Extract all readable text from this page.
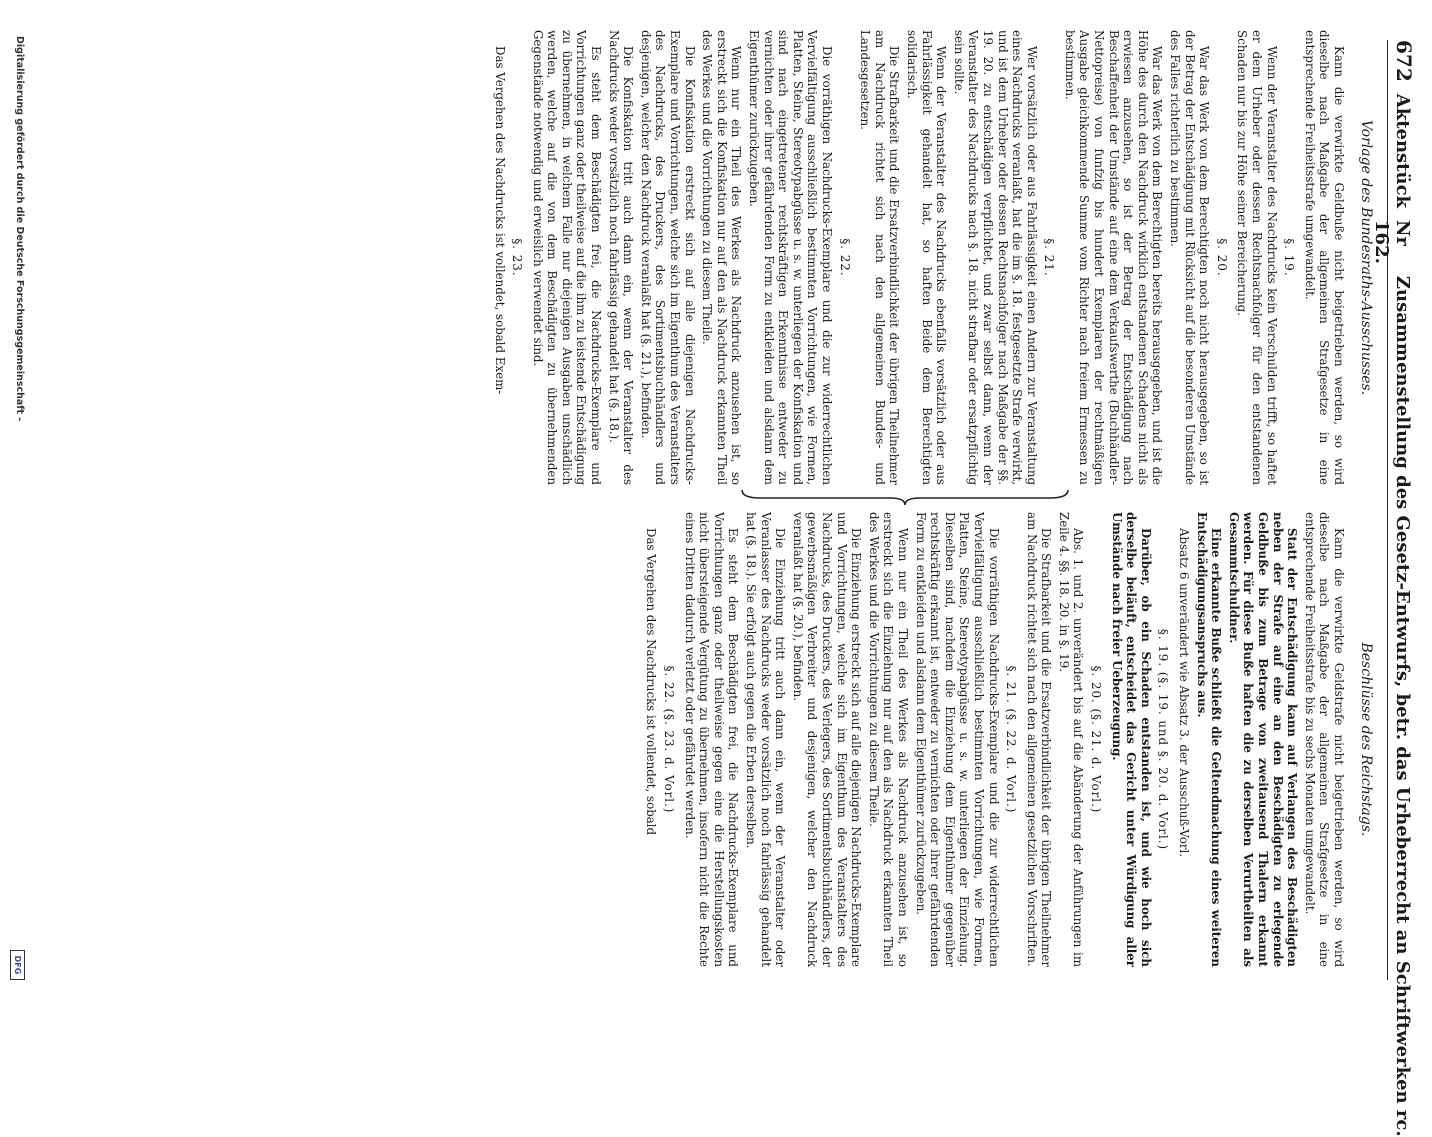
672
Aktenstück
Nr 162.
Zusammenstellung des Gesetz-Entwurfs, betr. das Urheberrecht an Schriftwerken rc.
Vorlage des Bundesraths-Ausschusses.
Beschlüsse des Reichstags.

Kann die verwirkte Geldbuße nicht beigetrieben werden, so wird dieselbe nach Maßgabe der allgemeinen Strafgesetze in eine entsprechende Freiheitsstrafe umgewandelt.

§. 19.

Wenn der Veranstalter des Nachdrucks kein Verschulden trifft, so haftet er dem Urheber oder dessen Rechtsnachfolger für den entstandenen Schaden nur bis zur Höhe seiner Bereicherung.

§. 20.

War das Werk von dem Berechtigten noch nicht herausgegeben, so ist der Betrag der Entschädigung mit Rücksicht auf die besonderen Umstände des Falles richterlich zu bestimmen.

War das Werk von dem Berechtigten bereits herausgegeben, und ist die Höhe des durch den Nachdruck wirklich entstandenen Schadens nicht als erwiesen anzusehen, so ist der Betrag der Entschädigung nach Beschaffenheit der Umstände auf eine dem Verkaufswerthe (Buchhändler-Nettopreise) von funfzig bis hundert Exemplaren der rechtmäßigen Ausgabe gleichkommende Summe vom Richter nach freiem Ermessen zu bestimmen.

§. 21.

Wer vorsätzlich oder aus Fahrlässigkeit einen Andern zur Veranstaltung eines Nachdrucks veranlaßt, hat die im §. 18. festgesetzte Strafe verwirkt, und ist dem Urheber oder dessen Rechtsnachfolger nach Maßgabe der §§. 19. 20. zu entschädigen verpflichtet, und zwar selbst dann, wenn der Veranstalter des Nachdrucks nach §. 18. nicht strafbar oder ersatzpflichtig sein sollte.

Wenn der Veranstalter des Nachdrucks ebenfalls vorsätzlich oder aus Fahrlässigkeit gehandelt hat, so haften Beide dem Berechtigten solidarisch.

Die Strafbarkeit und die Ersatzverbindlichkeit der übrigen Theilnehmer am Nachdruck richtet sich nach den allgemeinen Bundes- und Landesgesetzen.

§. 22.

Die vorräthigen Nachdrucks-Exemplare und die zur widerrechtlichen Vervielfältigung ausschließlich bestimmten Vorrichtungen, wie Formen, Platten, Steine, Stereotypabgüsse u. s. w. unterliegen der Konfiskation und sind nach eingetretener rechtskräftigen Erkenntnisse entweder zu vernichten oder ihrer gefährdenden Form zu entkleiden und alsdann dem Eigenthümer zurückzugeben.

Wenn nur ein Theil des Werkes als Nachdruck anzusehen ist, so erstreckt sich die Konfiskation nur auf den als Nachdruck erkannten Theil des Werkes und die Vorrichtungen zu diesem Theile.

Die Konfiskation erstreckt sich auf alle diejenigen Nachdrucks-Exemplare und Vorrichtungen, welche sich im Eigenthum des Veranstalters des Nachdrucks, des Druckers, des Sortimentsbuchhändlers und desjenigen, welcher den Nachdruck veranlaßt hat (§. 21.), befinden.

Die Konfiskation tritt auch dann ein, wenn der Veranstalter des Nachdrucks weder vorsätzlich noch fahrlässig gehandelt hat (§. 18.).

Es steht dem Beschädigten frei, die Nachdrucks-Exemplare und Vorrichtungen ganz oder theilweise auf die ihm zu leistende Entschädigung zu übernehmen, in welchem Falle nur diejenigen Ausgaben unschädlich werden, welche auf die von dem Beschädigten zu übernehmenden Gegenstände notwendig und erweislich verwendet sind.

§. 23.

Das Vergehen des Nachdrucks ist vollendet, sobald Exem-

Kann die verwirkte Geldstrafe nicht beigetrieben werden, so wird dieselbe nach Maßgabe der allgemeinen Strafgesetze in eine entsprechende Freiheitsstrafe bis zu sechs Monaten umgewandelt.

Statt der Entschädigung kann auf Verlangen des Beschädigten neben der Strafe auf eine an den Beschädigten zu erlegende Geldbuße bis zum Betrage von zweitausend Thalern erkannt werden. Für diese Buße haften die zu derselben Verurtheilten als Gesammtschuldner.

Eine erkannte Buße schließt die Geltendmachung eines weiteren Entschädigungsanspruchs aus.

Absatz 6 unverändert wie Absatz 3. der Ausschuß-Vorl.

§. 19. (§. 19. und §. 20. d. Vorl.)

Darüber, ob ein Schaden entstanden ist, und wie hoch sich derselbe beläuft, entscheidet das Gericht unter Würdigung aller Umstände nach freier Ueberzeugung.

§. 20. (§. 21. d. Vorl.)

Abs. 1. und 2. unverändert bis auf die Abänderung der Anführungen im Zeile 4. §§. 18. 20. in §. 19.

Die Strafbarkeit und die Ersatzverbindlichkeit der übrigen Theilnehmer am Nachdruck richtet sich nach den allgemeinen gesetzlichen Vorschriften.

§. 21. (§. 22. d. Vorl.)

Die vorräthigen Nachdrucks-Exemplare und die zur widerrechtlichen Vervielfältigung ausschließlich bestimmten Vorrichtungen, wie Formen, Platten, Steine, Stereotypabgüsse u. s. w. unterliegen der Einziehung. Dieselben sind, nachdem die Einziehung dem Eigenthümer gegenüber rechtskräftig erkannt ist, entweder zu vernichten oder ihrer gefährdenden Form zu entkleiden und alsdann dem Eigenthümer zurückzugeben.

Wenn nur ein Theil des Werkes als Nachdruck anzusehen ist, so erstreckt sich die Einziehung nur auf den als Nachdruck erkannten Theil des Werkes und die Vorrichtungen zu diesem Theile.

Die Einziehung erstreckt sich auf alle diejenigen Nachdrucks-Exemplare und Vorrichtungen, welche sich im Eigenthum des Veranstalters des Nachdrucks, des Druckers, des Verlegers, des Sortimentsbuchhändlers, der gewerbsmäßigen Verbreiter und desjenigen, welcher den Nachdruck veranlaßt hat (§. 20.), befinden.

Die Einziehung tritt auch dann ein, wenn der Veranstalter oder Veranlasser des Nachdrucks weder vorsätzlich noch fahrlässig gehandelt hat (§. 18.). Sie erfolgt auch gegen die Erben derselben.

Es steht dem Beschädigten frei, die Nachdrucks-Exemplare und Vorrichtungen ganz oder theilweise gegen eine die Herstellungskosten nicht übersteigende Vergütung zu übernehmen, insofern nicht die Rechte eines Dritten dadurch verletzt oder gefährdet werden.

§. 22. (§. 23. d. Vorl.)

Das Vergehen des Nachdrucks ist vollendet, sobald

Digitalisierung gefördert durch die Deutsche Forschungsgemeinschaft -
DFG
